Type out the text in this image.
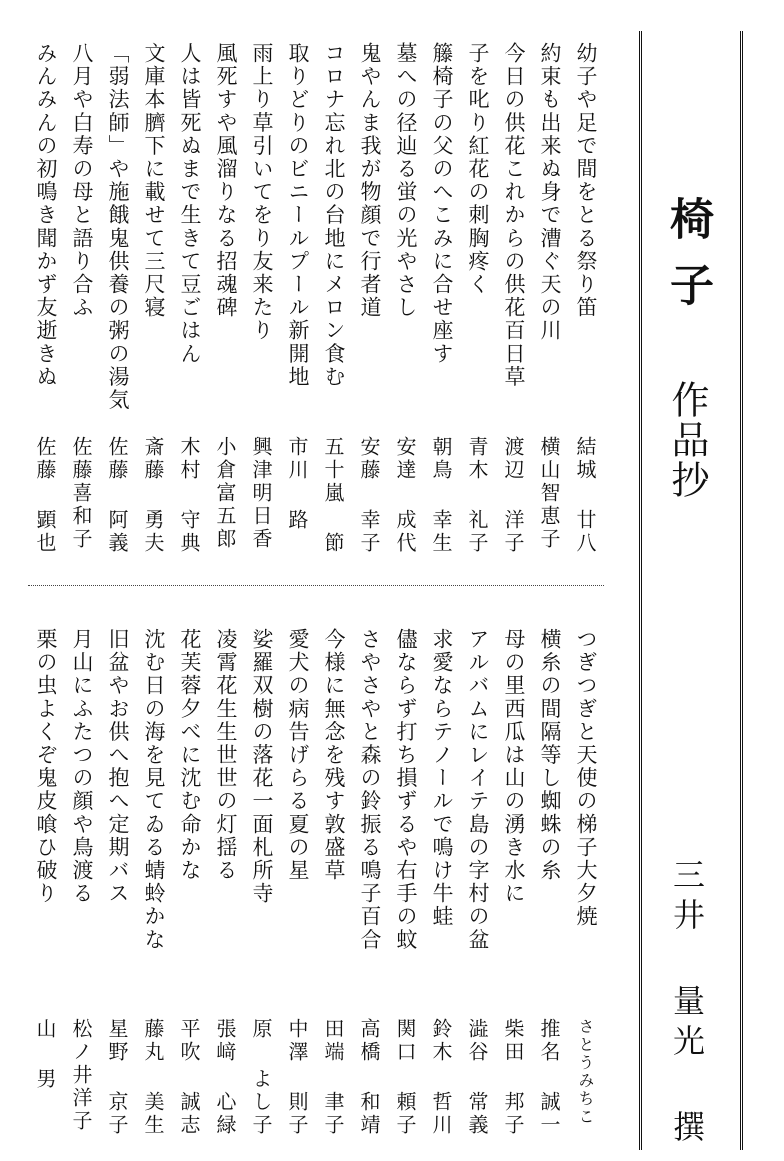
椅子
作品抄
三井 量光 撰
幼子や足で間をとる祭り笛
結城 廿八
約束も出来ぬ身で漕ぐ天の川
横山智恵子
今日の供花これからの供花百日草
渡辺 洋子
子を叱り紅花の刺胸疼く
青木 礼子
籐椅子の父のへこみに合せ座す
朝鳥 幸生
墓への径辿る蛍の光やさし
安達 成代
鬼やんま我が物顔で行者道
安藤 幸子
コロナ忘れ北の台地にメロン食む
五十嵐 節
取りどりのビニールプール新開地
市川 路
雨上り草引いてをり友来たり
興津明日香
風死すや風溜りなる招魂碑
小倉富五郎
人は皆死ぬまで生きて豆ごはん
木村 守典
文庫本臍下に載せて三尺寝
斎藤 勇夫
「弱法師」や施餓鬼供養の粥の湯気
佐藤 阿義
八月や白寿の母と語り合ふ
佐藤喜和子
みんみんの初鳴き聞かず友逝きぬ
佐藤 顕也
つぎつぎと天使の梯子大夕焼
さとうみちこ
横糸の間隔等し蜘蛛の糸
推名 誠一
母の里西瓜は山の湧き水に
柴田 邦子
アルバムにレイテ島の字村の盆
澁谷 常義
求愛ならテノールで鳴け牛蛙
鈴木 哲川
儘ならず打ち損ずるや右手の蚊
関口 頼子
さやさやと森の鈴振る鳴子百合
高橋 和靖
今様に無念を残す敦盛草
田端 聿子
愛犬の病告げらる夏の星
中澤 則子
娑羅双樹の落花一面札所寺
原 よし子
凌霄花生生世世の灯揺る
張﨑 心緑
花芙蓉夕べに沈む命かな
平吹 誠志
沈む日の海を見てゐる蜻蛉かな
藤丸 美生
旧盆やお供へ抱へ定期バス
星野 京子
月山にふたつの顔や鳥渡る
松ノ井洋子
栗の虫よくぞ鬼皮喰ひ破り
山 男
